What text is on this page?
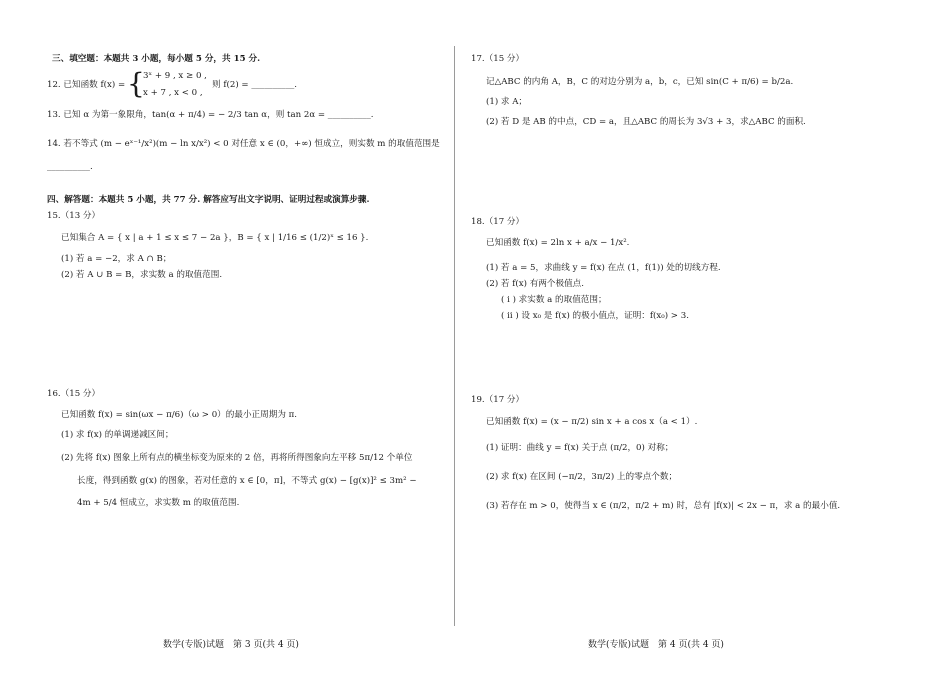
三、填空题：本题共 3 小题，每小题 5 分，共 15 分.
12. 已知函数 f(x) = {
3ˣ + 9 , x ≥ 0 ,
x + 7 , x < 0 ,
则 f(2) = __________.
13. 已知 α 为第一象限角，tan(α + π/4) = − 2/3 tan α，则 tan 2α = __________.
14. 若不等式 (m − eˣ⁻¹/x²)(m − ln x/x²) < 0 对任意 x ∈ (0，+∞) 恒成立，则实数 m 的取值范围是
__________.
四、解答题：本题共 5 小题，共 77 分. 解答应写出文字说明、证明过程或演算步骤.
15.（13 分）
已知集合 A = { x | a + 1 ≤ x ≤ 7 − 2a }，B = { x | 1/16 ≤ (1/2)ˣ ≤ 16 }.
(1) 若 a = −2，求 A ∩ B；
(2) 若 A ∪ B = B，求实数 a 的取值范围.
16.（15 分）
已知函数 f(x) = sin(ωx − π/6)（ω > 0）的最小正周期为 π.
(1) 求 f(x) 的单调递减区间；
(2) 先将 f(x) 图象上所有点的横坐标变为原来的 2 倍，再将所得图象向左平移 5π/12 个单位
长度，得到函数 g(x) 的图象，若对任意的 x ∈ [0，π]，不等式 g(x) − [g(x)]² ≤ 3m² −
4m + 5/4 恒成立，求实数 m 的取值范围.
数学(专版)试题　第 3 页(共 4 页)
17.（15 分）
记△ABC 的内角 A，B，C 的对边分别为 a，b，c，已知 sin(C + π/6) = b/2a.
(1) 求 A；
(2) 若 D 是 AB 的中点，CD = a，且△ABC 的周长为 3√3 + 3，求△ABC 的面积.
18.（17 分）
已知函数 f(x) = 2ln x + a/x − 1/x².
(1) 若 a = 5，求曲线 y = f(x) 在点 (1，f(1)) 处的切线方程.
(2) 若 f(x) 有两个极值点.
( ⅰ ) 求实数 a 的取值范围；
( ⅱ ) 设 x₀ 是 f(x) 的极小值点，证明：f(x₀) > 3.
19.（17 分）
已知函数 f(x) = (x − π/2) sin x + a cos x（a < 1）.
(1) 证明：曲线 y = f(x) 关于点 (π/2，0) 对称；
(2) 求 f(x) 在区间 (−π/2，3π/2) 上的零点个数；
(3) 若存在 m > 0，使得当 x ∈ (π/2，π/2 + m) 时，总有 |f(x)| < 2x − π，求 a 的最小值.
数学(专版)试题　第 4 页(共 4 页)
